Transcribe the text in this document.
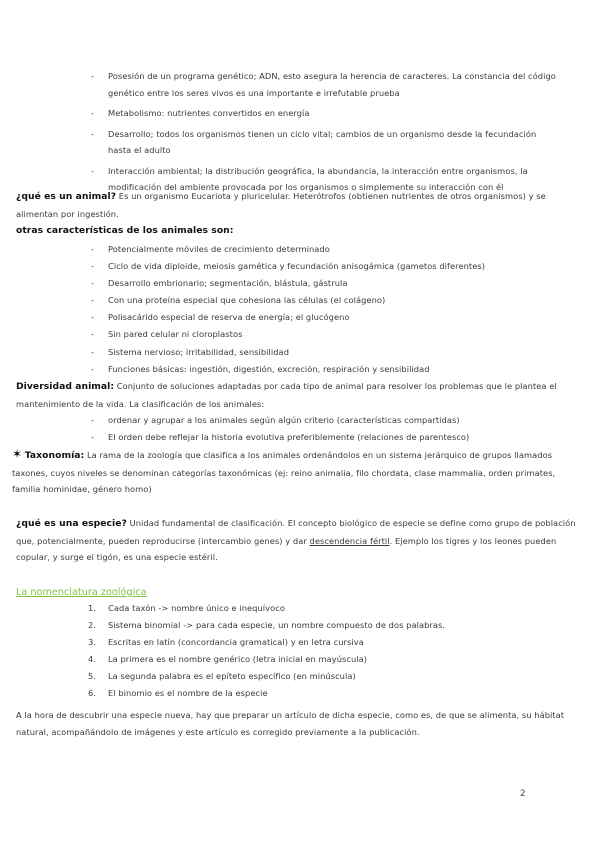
- Posesión de un programa genético; ADN, esto asegura la herencia de caracteres. La constancia del código genético entre los seres vivos es una importante e irrefutable prueba
- Metabolismo: nutrientes convertidos en energía
- Desarrollo; todos los organismos tienen un ciclo vital; cambios de un organismo desde la fecundación hasta el adulto
- Interacción ambiental; la distribución geográfica, la abundancia, la interacción entre organismos, la modificación del ambiente provocada por los organismos o simplemente su interacción con él

¿qué es un animal? Es un organismo Eucariota y pluricelular. Heterótrofos (obtienen nutrientes de otros organismos) y se alimentan por ingestión.

otras características de los animales son:
- Potencialmente móviles de crecimiento determinado
- Ciclo de vida diploide, meiosis gamética y fecundación anisogámica (gametos diferentes)
- Desarrollo embrionario; segmentación, blástula, gástrula
- Con una proteína especial que cohesiona las células (el colágeno)
- Polisacárido especial de reserva de energía; el glucógeno
- Sin pared celular ni cloroplastos
- Sistema nervioso; irritabilidad, sensibilidad
- Funciones básicas: ingestión, digestión, excreción, respiración y sensibilidad

Diversidad animal: Conjunto de soluciones adaptadas por cada tipo de animal para resolver los problemas que le plantea el mantenimiento de la vida. La clasificación de los animales:

- ordenar y agrupar a los animales según algún criterio (características compartidas)
- El orden debe reflejar la historia evolutiva preferiblemente (relaciones de parentesco)

✶ Taxonomía: La rama de la zoología que clasifica a los animales ordenándolos en un sistema jerárquico de grupos llamados taxones, cuyos niveles se denominan categorías taxonómicas (ej: reino animalia, filo chordata, clase mammalia, orden primates, familia hominidae, género homo)

¿qué es una especie? Unidad fundamental de clasificación. El concepto biológico de especie se define como grupo de población que, potencialmente, pueden reproducirse (intercambio genes) y dar descendencia fértil. Ejemplo los tigres y los leones pueden copular, y surge el tigón, es una especie estéril.

La nomenclatura zoológica
1. Cada taxón -> nombre único e inequívoco
2. Sistema binomial -> para cada especie, un nombre compuesto de dos palabras.
3. Escritas en latín (concordancia gramatical) y en letra cursiva
4. La primera es el nombre genérico (letra inicial en mayúscula)
5. La segunda palabra es el epíteto específico (en minúscula)
6. El binomio es el nombre de la especie

A la hora de descubrir una especie nueva, hay que preparar un artículo de dicha especie, como es, de que se alimenta, su hábitat natural, acompañándolo de imágenes y este artículo es corregido previamente a la publicación.

2
